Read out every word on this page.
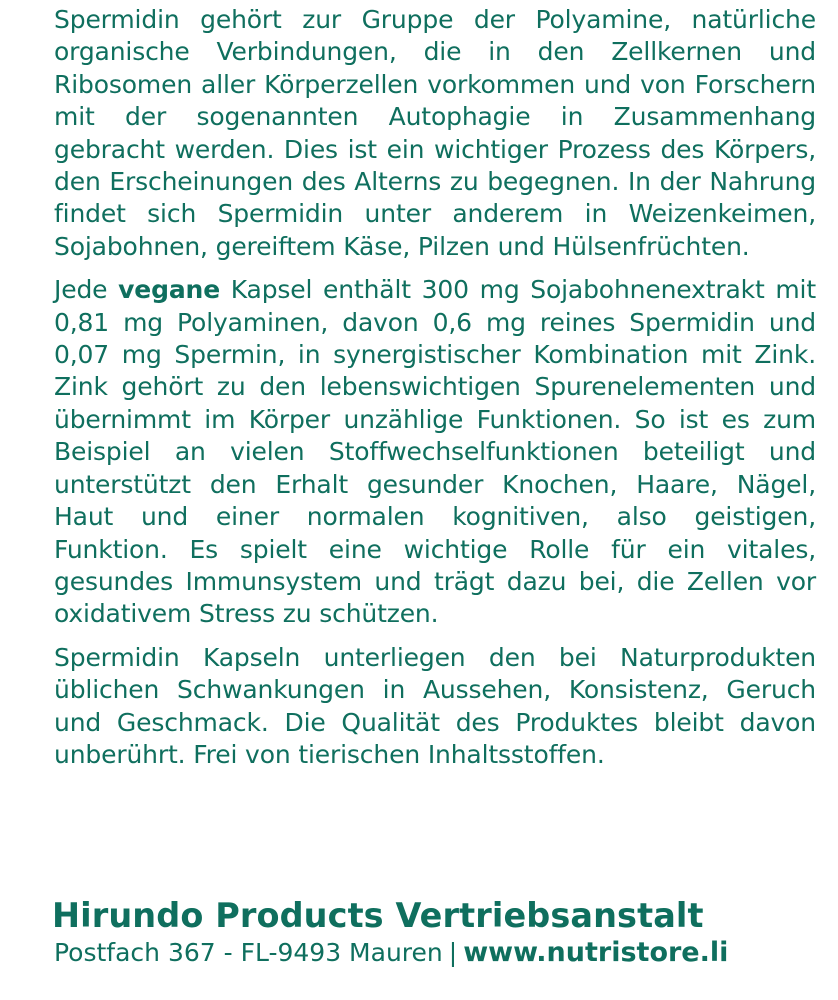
Spermidin gehört zur Gruppe der Polyamine, natürliche organische Verbindungen, die in den Zellkernen und Ribosomen aller Körperzellen vorkommen und von Forschern mit der sogenannten Autophagie in Zusammenhang gebracht werden. Dies ist ein wichtiger Prozess des Körpers, den Erscheinungen des Alterns zu begegnen. In der Nahrung findet sich Spermidin unter anderem in Weizenkeimen, Sojabohnen, gereiftem Käse, Pilzen und Hülsenfrüchten.

Jede vegane Kapsel enthält 300 mg Sojabohnenextrakt mit 0,81 mg Polyaminen, davon 0,6 mg reines Spermidin und 0,07 mg Spermin, in synergistischer Kombination mit Zink. Zink gehört zu den lebenswichtigen Spurenelementen und übernimmt im Körper unzählige Funktionen. So ist es zum Beispiel an vielen Stoffwechselfunktionen beteiligt und unterstützt den Erhalt gesunder Knochen, Haare, Nägel, Haut und einer normalen kognitiven, also geistigen, Funktion. Es spielt eine wichtige Rolle für ein vitales, gesundes Immunsystem und trägt dazu bei, die Zellen vor oxidativem Stress zu schützen.

Spermidin Kapseln unterliegen den bei Naturprodukten üblichen Schwankungen in Aussehen, Konsistenz, Geruch und Geschmack. Die Qualität des Produktes bleibt davon unberührt. Frei von tierischen Inhaltsstoffen.

Hirundo Products Vertriebsanstalt

Postfach 367 - FL-9493 Mauren | www.nutristore.li
